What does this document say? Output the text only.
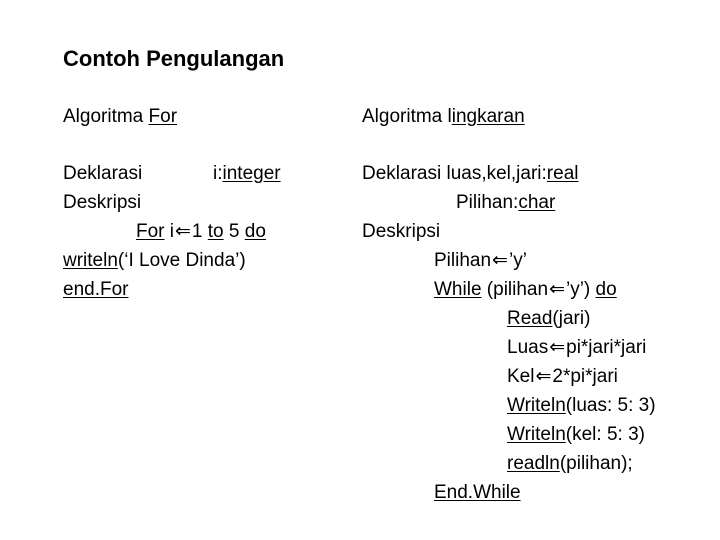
Contoh Pengulangan
Algoritma For
Deklarasi	i:integer
Deskripsi
For i⇐1 to 5 do
writeln(‘I Love Dinda’)
end.For
Algoritma lingkaran
Deklarasi luas,kel,jari:real
Pilihan:char
Deskripsi
Pilihan⇐’y’
While (pilihan⇐’y’) do
Read(jari)
Luas⇐pi*jari*jari
Kel⇐2*pi*jari
Writeln(luas: 5: 3)
Writeln(kel: 5: 3)
readln(pilihan);
End.While
